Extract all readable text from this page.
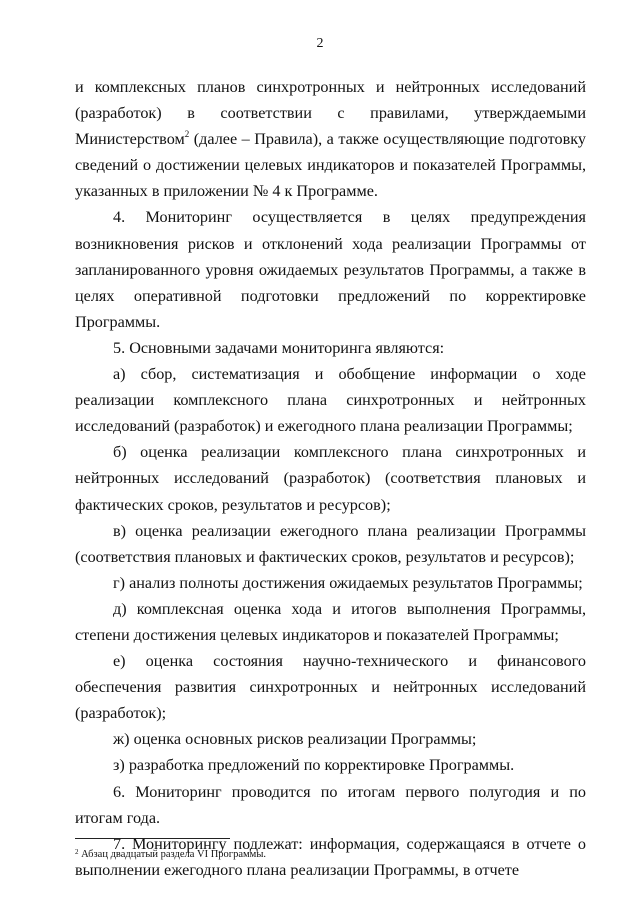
2

и комплексных планов синхротронных и нейтронных исследований (разработок) в соответствии с правилами, утверждаемыми Министерством$^2$ (далее – Правила), а также осуществляющие подготовку сведений о достижении целевых индикаторов и показателей Программы, указанных в приложении № 4 к Программе.

4. Мониторинг осуществляется в целях предупреждения возникновения рисков и отклонений хода реализации Программы от запланированного уровня ожидаемых результатов Программы, а также в целях оперативной подготовки предложений по корректировке Программы.

5. Основными задачами мониторинга являются:

а) сбор, систематизация и обобщение информации о ходе реализации комплексного плана синхротронных и нейтронных исследований (разработок) и ежегодного плана реализации Программы;

б) оценка реализации комплексного плана синхротронных и нейтронных исследований (разработок) (соответствия плановых и фактических сроков, результатов и ресурсов);

в) оценка реализации ежегодного плана реализации Программы (соответствия плановых и фактических сроков, результатов и ресурсов);

г) анализ полноты достижения ожидаемых результатов Программы;

д) комплексная оценка хода и итогов выполнения Программы, степени достижения целевых индикаторов и показателей Программы;

е) оценка состояния научно-технического и финансового обеспечения развития синхротронных и нейтронных исследований (разработок);

ж) оценка основных рисков реализации Программы;

з) разработка предложений по корректировке Программы.

6. Мониторинг проводится по итогам первого полугодия и по итогам года.

7. Мониторингу подлежат: информация, содержащаяся в отчете о выполнении ежегодного плана реализации Программы, в отчете

$^2$ Абзац двадцатый раздела VI Программы.
